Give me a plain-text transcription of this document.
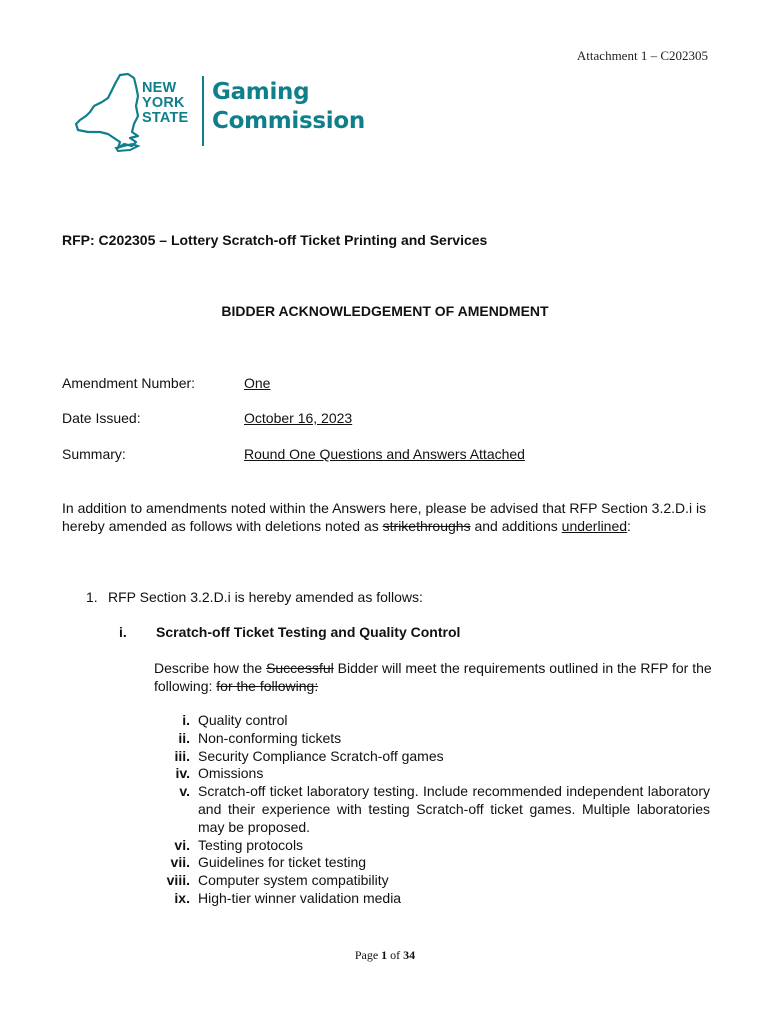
Attachment 1 – C202305
NEW
YORK
STATE
Gaming
Commission
RFP: C202305 – Lottery Scratch-off Ticket Printing and Services
BIDDER ACKNOWLEDGEMENT OF AMENDMENT
Amendment Number:	One
Date Issued:	October 16, 2023
Summary:	Round One Questions and Answers Attached
In addition to amendments noted within the Answers here, please be advised that RFP Section 3.2.D.i is hereby amended as follows with deletions noted as strikethroughs and additions underlined:
1. RFP Section 3.2.D.i is hereby amended as follows:
i. Scratch-off Ticket Testing and Quality Control
Describe how the Successful Bidder will meet the requirements outlined in the RFP for the following: for the following:
i. Quality control
ii. Non-conforming tickets
iii. Security Compliance Scratch-off games
iv. Omissions
v. Scratch-off ticket laboratory testing. Include recommended independent laboratory and their experience with testing Scratch-off ticket games. Multiple laboratories may be proposed.
vi. Testing protocols
vii. Guidelines for ticket testing
viii. Computer system compatibility
ix. High-tier winner validation media
Page 1 of 34
